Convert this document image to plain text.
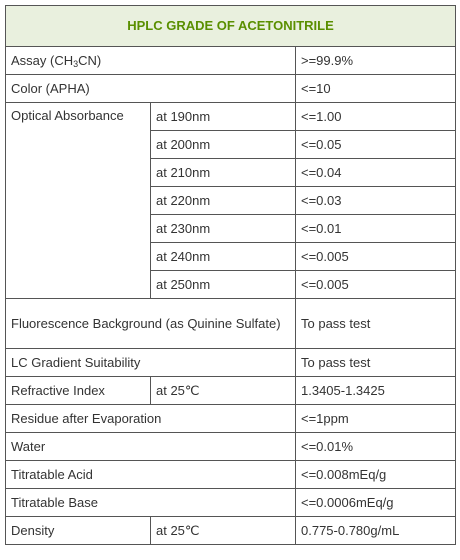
HPLC GRADE OF ACETONITRILE		
Assay $(CH_3CN)$		>=99.9%
Color (APHA)		<=10
Optical Absorbance	at 190nm	<=1.00
	at 200nm	<=0.05
	at 210nm	<=0.04
	at 220nm	<=0.03
	at 230nm	<=0.01
	at 240nm	<=0.005
	at 250nm	<=0.005
Fluorescence Background (as Quinine Sulfate)		To pass test
LC Gradient Suitability		To pass test
Refractive Index	at 25℃	1.3405-1.3425
Residue after Evaporation		<=1ppm
Water		<=0.01%
Titratable Acid		<=0.008mEq/g
Titratable Base		<=0.0006mEq/g
Density	at 25℃	0.775-0.780g/mL
